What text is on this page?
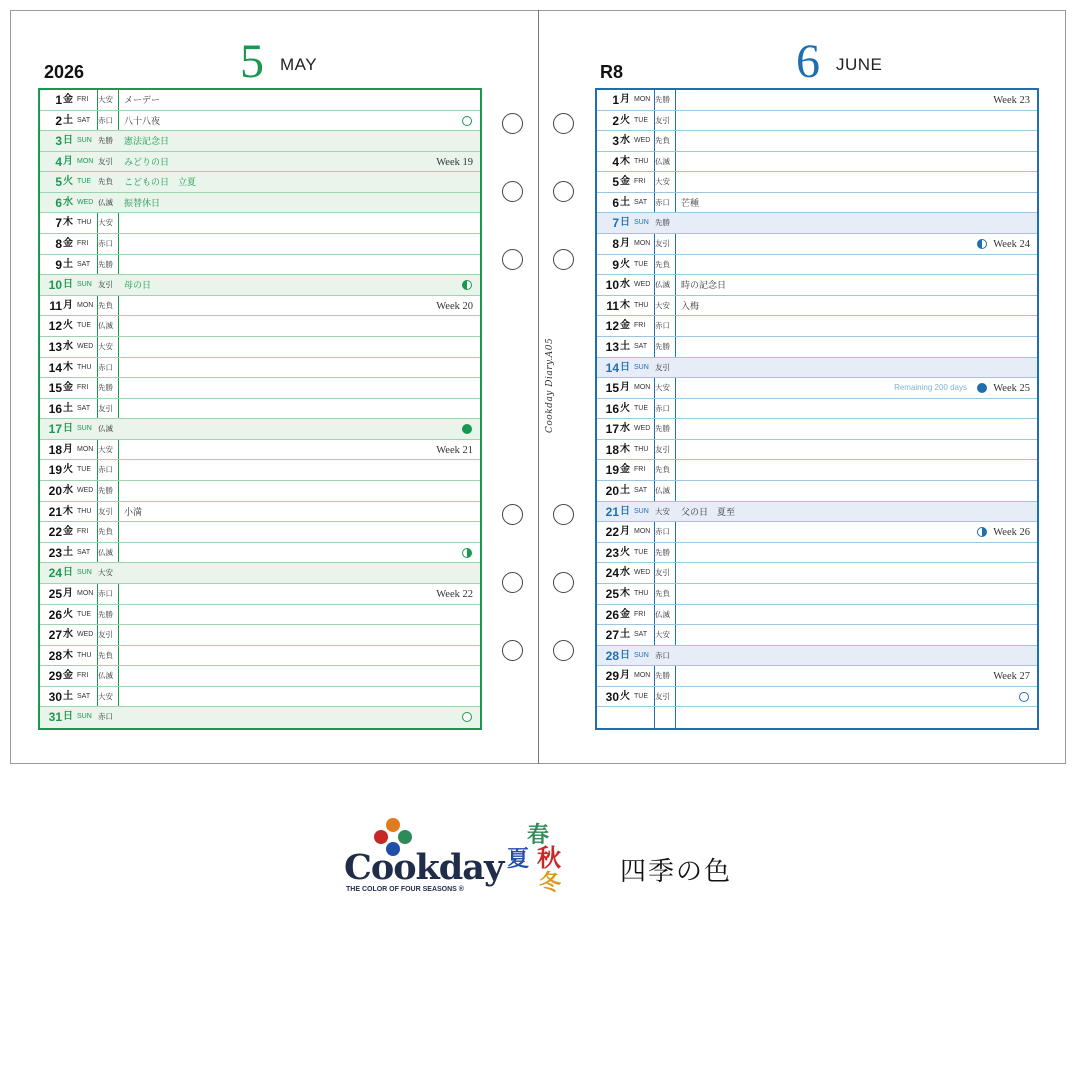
Cookday Diary.A05
2026	5 MAY	R8	6 JUNE
1 金 FRI 大安 メーデー
2 土 SAT 赤口 八十八夜
3 日 SUN 先勝 憲法記念日
4 月 MON 友引 みどりの日	Week 19
5 火 TUE 先負 こどもの日　立夏
6 水 WED 仏滅 振替休日
7 木 THU 大安
8 金 FRI 赤口
9 土 SAT 先勝
10 日 SUN 友引 母の日
11 月 MON 先負	Week 20
12 火 TUE 仏滅
13 水 WED 大安
14 木 THU 赤口
15 金 FRI 先勝
16 土 SAT 友引
17 日 SUN 仏滅
18 月 MON 大安	Week 21
19 火 TUE 赤口
20 水 WED 先勝
21 木 THU 友引 小満
22 金 FRI 先負
23 土 SAT 仏滅
24 日 SUN 大安
25 月 MON 赤口	Week 22
26 火 TUE 先勝
27 水 WED 友引
28 木 THU 先負
29 金 FRI 仏滅
30 土 SAT 大安
31 日 SUN 赤口
1 月 MON 先勝	Week 23
2 火 TUE 友引
3 水 WED 先負
4 木 THU 仏滅
5 金 FRI 大安
6 土 SAT 赤口 芒種
7 日 SUN 先勝
8 月 MON 友引	Week 24
9 火 TUE 先負
10 水 WED 仏滅 時の記念日
11 木 THU 大安 入梅
12 金 FRI 赤口
13 土 SAT 先勝
14 日 SUN 友引
15 月 MON 大安	Week 25
Remaining 200 days
16 火 TUE 赤口
17 水 WED 先勝
18 木 THU 友引
19 金 FRI 先負
20 土 SAT 仏滅
21 日 SUN 大安 父の日　夏至
22 月 MON 赤口	Week 26
23 火 TUE 先勝
24 水 WED 友引
25 木 THU 先負
26 金 FRI 仏滅
27 土 SAT 大安
28 日 SUN 赤口
29 月 MON 先勝	Week 27
30 火 TUE 友引
Cookday
THE COLOR OF FOUR SEASONS ®
春
夏 秋
冬 四季の色
